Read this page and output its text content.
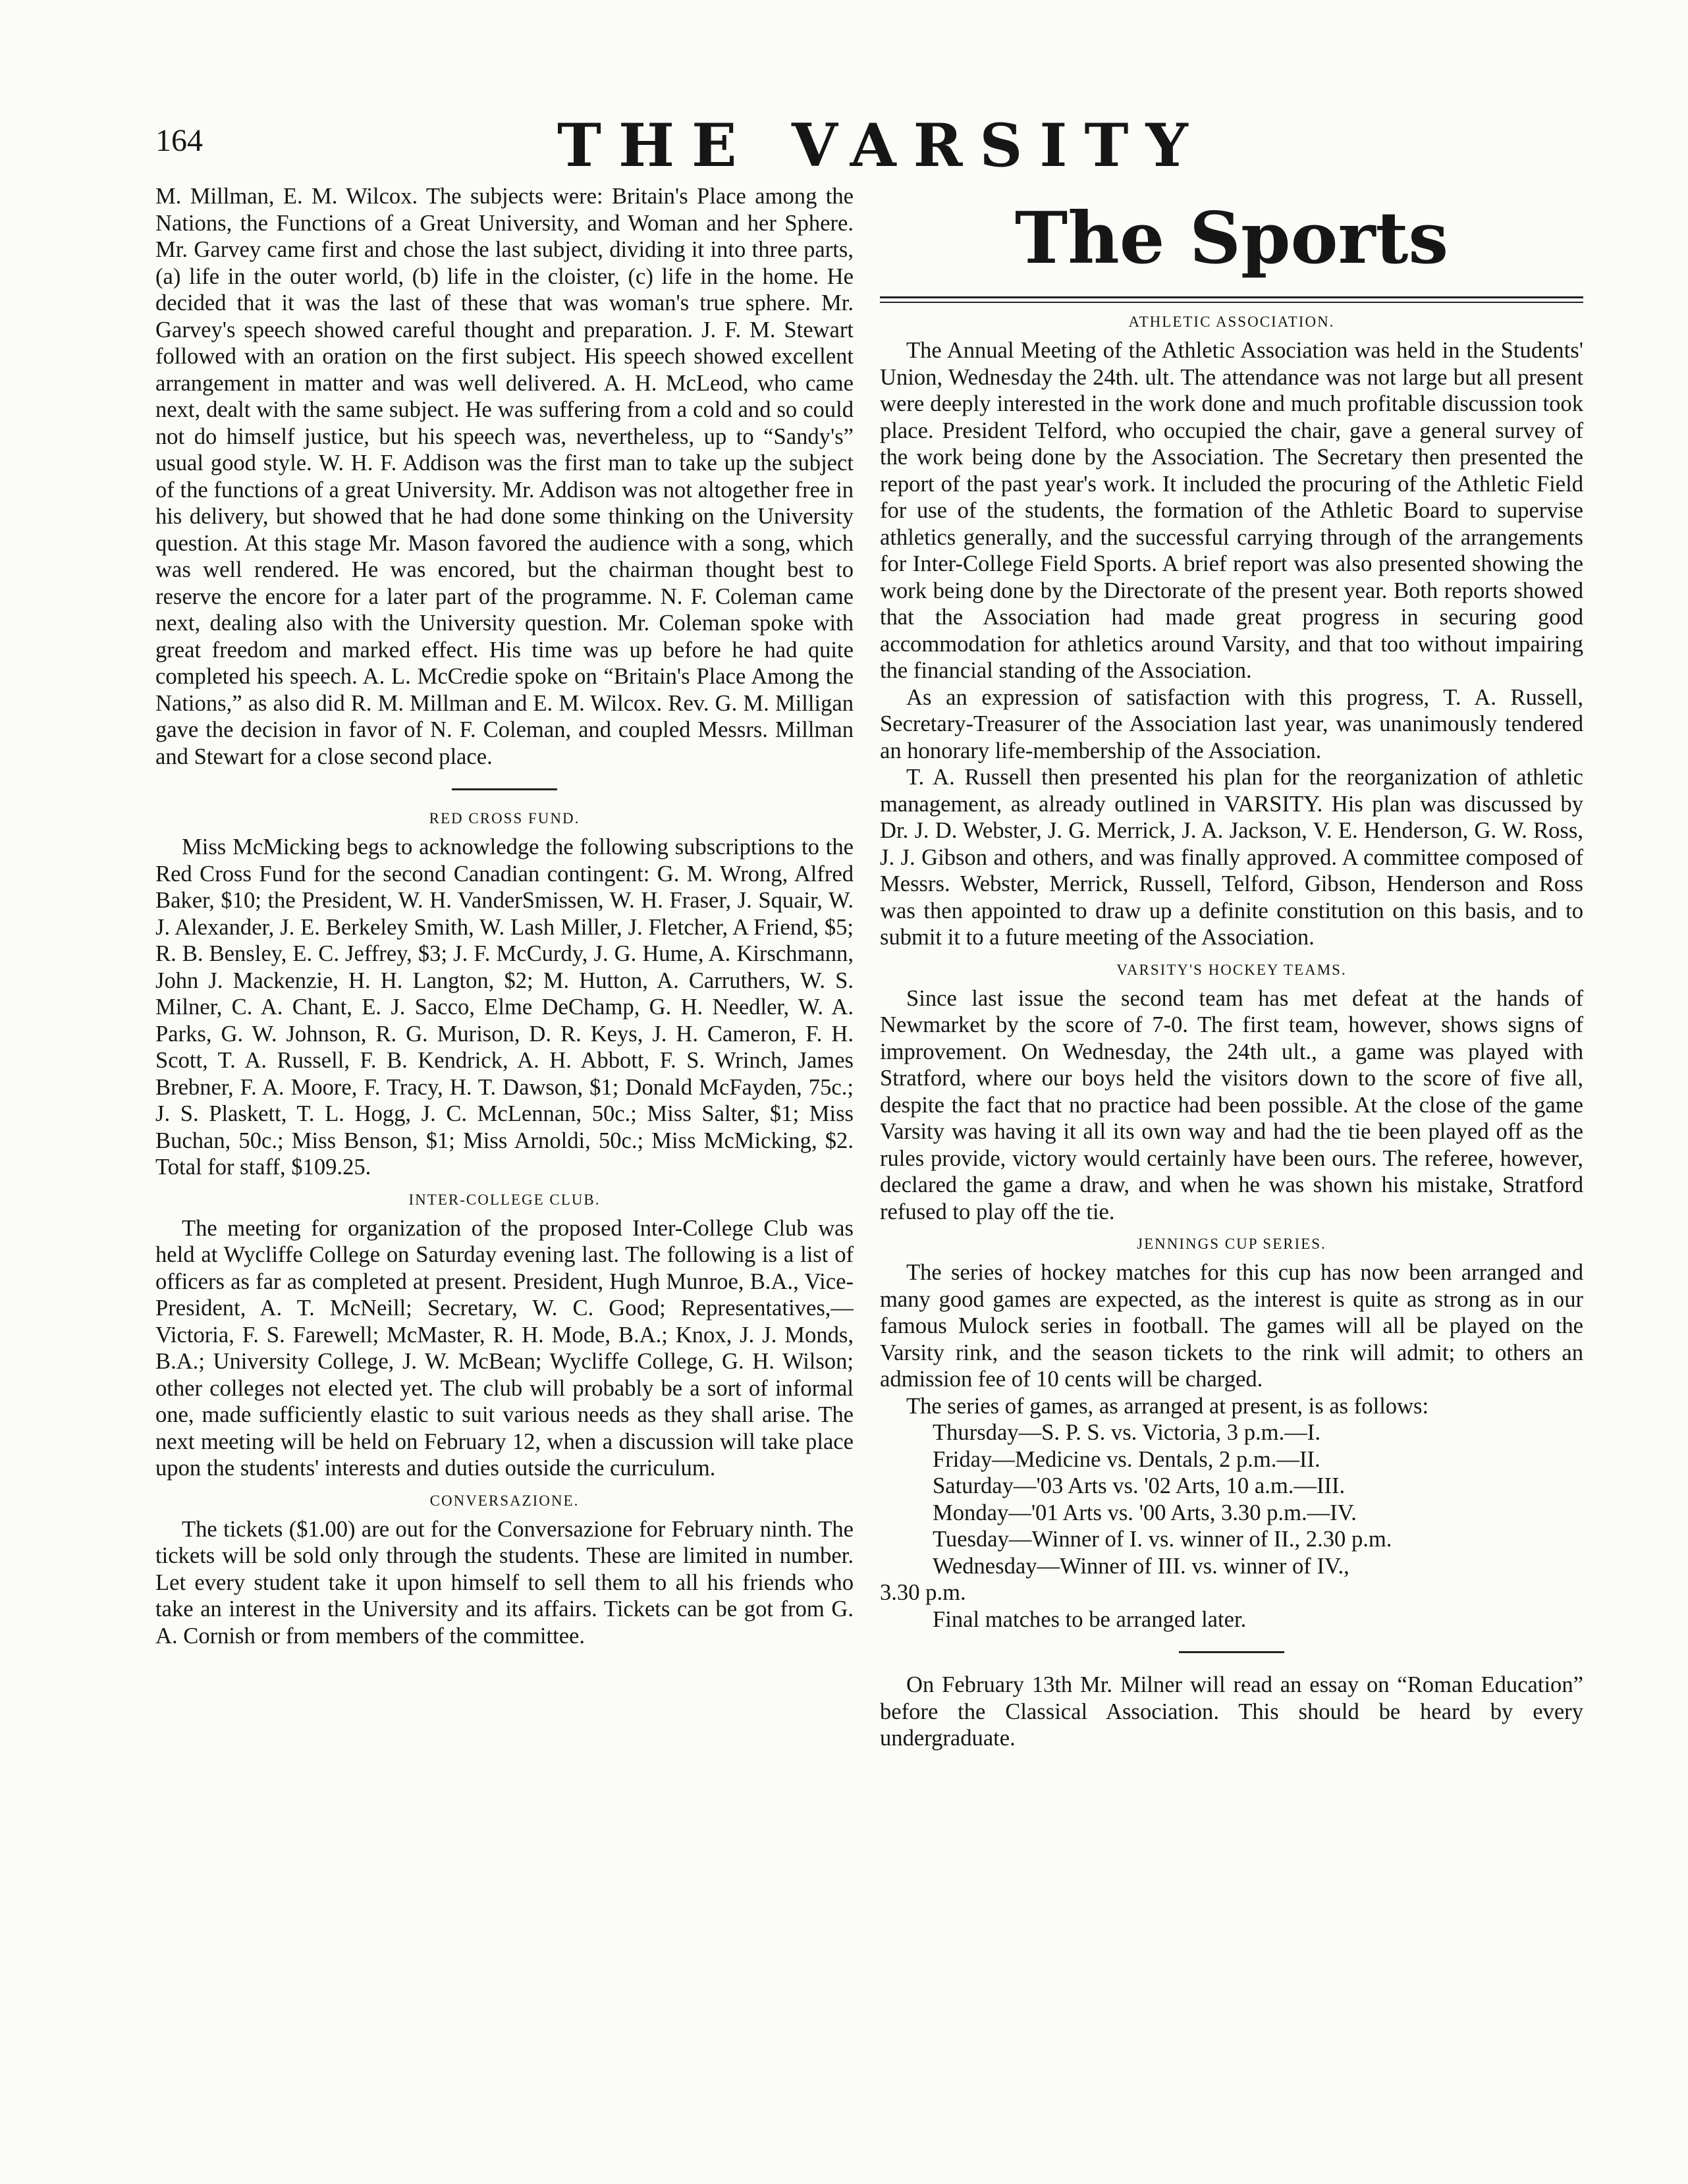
164	THE VARSITY

M. Millman, E. M. Wilcox. The subjects were: Britain's Place among the Nations, the Functions of a Great University, and Woman and her Sphere. Mr. Garvey came first and chose the last subject, dividing it into three parts, (a) life in the outer world, (b) life in the cloister, (c) life in the home. He decided that it was the last of these that was woman's true sphere. Mr. Garvey's speech showed careful thought and preparation. J. F. M. Stewart followed with an oration on the first subject. His speech showed excellent arrangement in matter and was well delivered. A. H. McLeod, who came next, dealt with the same subject. He was suffering from a cold and so could not do himself justice, but his speech was, nevertheless, up to “Sandy's” usual good style. W. H. F. Addison was the first man to take up the subject of the functions of a great University. Mr. Addison was not altogether free in his delivery, but showed that he had done some thinking on the University question. At this stage Mr. Mason favored the audience with a song, which was well rendered. He was encored, but the chairman thought best to reserve the encore for a later part of the programme. N. F. Coleman came next, dealing also with the University question. Mr. Coleman spoke with great freedom and marked effect. His time was up before he had quite completed his speech. A. L. McCredie spoke on “Britain's Place Among the Nations,” as also did R. M. Millman and E. M. Wilcox. Rev. G. M. Milligan gave the decision in favor of N. F. Coleman, and coupled Messrs. Millman and Stewart for a close second place.

RED CROSS FUND.

Miss McMicking begs to acknowledge the following subscriptions to the Red Cross Fund for the second Canadian contingent: G. M. Wrong, Alfred Baker, $10; the President, W. H. VanderSmissen, W. H. Fraser, J. Squair, W. J. Alexander, J. E. Berkeley Smith, W. Lash Miller, J. Fletcher, A Friend, $5; R. B. Bensley, E. C. Jeffrey, $3; J. F. McCurdy, J. G. Hume, A. Kirschmann, John J. Mackenzie, H. H. Langton, $2; M. Hutton, A. Carruthers, W. S. Milner, C. A. Chant, E. J. Sacco, Elme DeChamp, G. H. Needler, W. A. Parks, G. W. Johnson, R. G. Murison, D. R. Keys, J. H. Cameron, F. H. Scott, T. A. Russell, F. B. Kendrick, A. H. Abbott, F. S. Wrinch, James Brebner, F. A. Moore, F. Tracy, H. T. Dawson, $1; Donald McFayden, 75c.; J. S. Plaskett, T. L. Hogg, J. C. McLennan, 50c.; Miss Salter, $1; Miss Buchan, 50c.; Miss Benson, $1; Miss Arnoldi, 50c.; Miss McMicking, $2. Total for staff, $109.25.

INTER-COLLEGE CLUB.

The meeting for organization of the proposed Inter-College Club was held at Wycliffe College on Saturday evening last. The following is a list of officers as far as completed at present. President, Hugh Munroe, B.A., Vice-President, A. T. McNeill; Secretary, W. C. Good; Representatives,—Victoria, F. S. Farewell; McMaster, R. H. Mode, B.A.; Knox, J. J. Monds, B.A.; University College, J. W. McBean; Wycliffe College, G. H. Wilson; other colleges not elected yet. The club will probably be a sort of informal one, made sufficiently elastic to suit various needs as they shall arise. The next meeting will be held on February 12, when a discussion will take place upon the students' interests and duties outside the curriculum.

CONVERSAZIONE.

The tickets ($1.00) are out for the Conversazione for February ninth. The tickets will be sold only through the students. These are limited in number. Let every student take it upon himself to sell them to all his friends who take an interest in the University and its affairs. Tickets can be got from G. A. Cornish or from members of the committee.

The Sports
ATHLETIC ASSOCIATION.

The Annual Meeting of the Athletic Association was held in the Students' Union, Wednesday the 24th. ult. The attendance was not large but all present were deeply interested in the work done and much profitable discussion took place. President Telford, who occupied the chair, gave a general survey of the work being done by the Association. The Secretary then presented the report of the past year's work. It included the procuring of the Athletic Field for use of the students, the formation of the Athletic Board to supervise athletics generally, and the successful carrying through of the arrangements for Inter-College Field Sports. A brief report was also presented showing the work being done by the Directorate of the present year. Both reports showed that the Association had made great progress in securing good accommodation for athletics around Varsity, and that too without impairing the financial standing of the Association.

As an expression of satisfaction with this progress, T. A. Russell, Secretary-Treasurer of the Association last year, was unanimously tendered an honorary life-membership of the Association.

T. A. Russell then presented his plan for the reorganization of athletic management, as already outlined in VARSITY. His plan was discussed by Dr. J. D. Webster, J. G. Merrick, J. A. Jackson, V. E. Henderson, G. W. Ross, J. J. Gibson and others, and was finally approved. A committee composed of Messrs. Webster, Merrick, Russell, Telford, Gibson, Henderson and Ross was then appointed to draw up a definite constitution on this basis, and to submit it to a future meeting of the Association.

VARSITY'S HOCKEY TEAMS.

Since last issue the second team has met defeat at the hands of Newmarket by the score of 7-0. The first team, however, shows signs of improvement. On Wednesday, the 24th ult., a game was played with Stratford, where our boys held the visitors down to the score of five all, despite the fact that no practice had been possible. At the close of the game Varsity was having it all its own way and had the tie been played off as the rules provide, victory would certainly have been ours. The referee, however, declared the game a draw, and when he was shown his mistake, Stratford refused to play off the tie.

JENNINGS CUP SERIES.

The series of hockey matches for this cup has now been arranged and many good games are expected, as the interest is quite as strong as in our famous Mulock series in football. The games will all be played on the Varsity rink, and the season tickets to the rink will admit; to others an admission fee of 10 cents will be charged.

The series of games, as arranged at present, is as follows:

Thursday—S. P. S. vs. Victoria, 3 p.m.—I.

Friday—Medicine vs. Dentals, 2 p.m.—II.

Saturday—'03 Arts vs. '02 Arts, 10 a.m.—III.

Monday—'01 Arts vs. '00 Arts, 3.30 p.m.—IV.

Tuesday—Winner of I. vs. winner of II., 2.30 p.m.

Wednesday—Winner of III. vs. winner of IV.,

3.30 p.m.

Final matches to be arranged later.

On February 13th Mr. Milner will read an essay on “Roman Education” before the Classical Association. This should be heard by every undergraduate.
